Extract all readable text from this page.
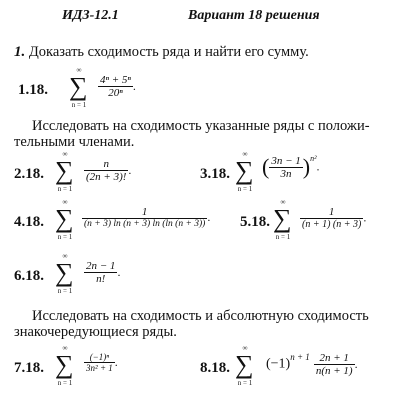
ИДЗ-12.1	Вариант 18 решения
1. Доказать сходимость ряда и найти его сумму.
1.18.
∞
∑
n = 1
$\frac{\text{4ⁿ + 5ⁿ}}{\text{20ⁿ}}$ .
Исследовать на сходимость указанные ряды с положи-
тельными членами.
2.18.
∞
∑
n = 1
$\frac{n}{(2n + 3)!}$ .	3.18.
∞
∑
n = 1
( $\frac{3n - 1}{3n} )^{n^2}$.
4.18.
∞
∑
n = 1
$\frac{1}{(n + 3) \ln (n + 3) \ln (\ln (n + 3))}$ . 5.18.
∞
∑
n = 1
$\frac{1}{(n + 1) (n + 3)}$ .
6.18.
∞
∑
n = 1
$\frac{2n - 1}{n!}$ .
Исследовать на сходимость и абсолютную сходимость
знакочередующиеся ряды.
7.18.
∞
∑
n = 1
$\frac{\text{(−1)ⁿ}}{\text{3n² + 1}}$ .	8.18.
∞
∑
n = 1
$(-1)^{n + 1} \frac{2n + 1}{n(n + 1)}$ .
